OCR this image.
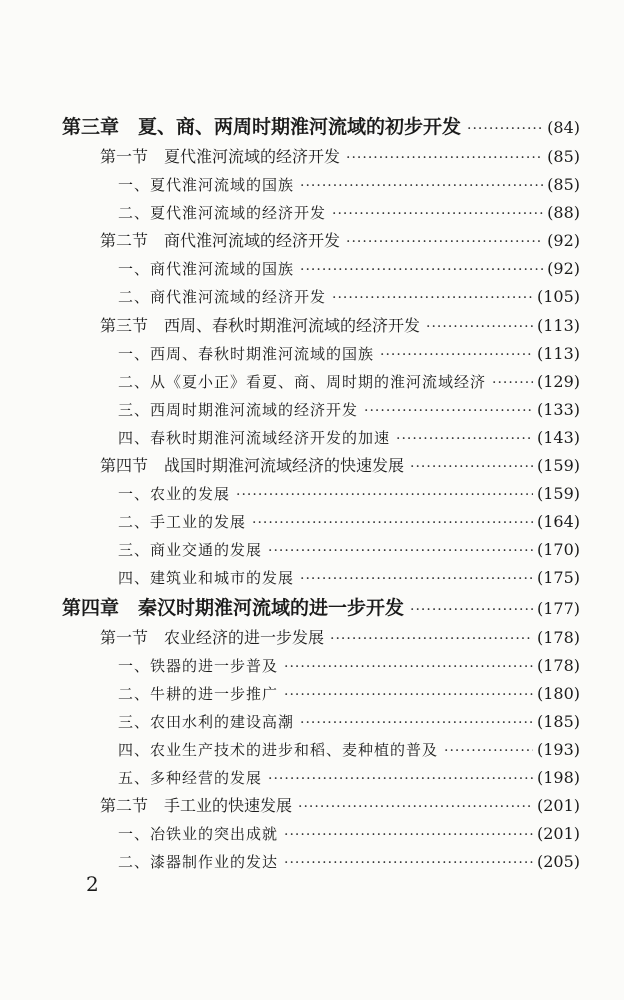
第三章　夏、商、两周时期淮河流域的初步开发 ·····	(84)
第一节　夏代淮河流域的经济开发 ·····	(85)
一、夏代淮河流域的国族 ·····	(85)
二、夏代淮河流域的经济开发 ·····	(88)
第二节　商代淮河流域的经济开发 ·····	(92)
一、商代淮河流域的国族 ·····	(92)
二、商代淮河流域的经济开发 ·····	(105)
第三节　西周、春秋时期淮河流域的经济开发 ·····	(113)
一、西周、春秋时期淮河流域的国族 ·····	(113)
二、从《夏小正》看夏、商、周时期的淮河流域经济 ·····	(129)
三、西周时期淮河流域的经济开发 ·····	(133)
四、春秋时期淮河流域经济开发的加速 ·····	(143)
第四节　战国时期淮河流域经济的快速发展 ·····	(159)
一、农业的发展 ·····	(159)
二、手工业的发展 ·····	(164)
三、商业交通的发展 ·····	(170)
四、建筑业和城市的发展 ·····	(175)
第四章　秦汉时期淮河流域的进一步开发 ·····	(177)
第一节　农业经济的进一步发展 ·····	(178)
一、铁器的进一步普及 ·····	(178)
二、牛耕的进一步推广 ·····	(180)
三、农田水利的建设高潮 ·····	(185)
四、农业生产技术的进步和稻、麦种植的普及 ·····	(193)
五、多种经营的发展 ·····	(198)
第二节　手工业的快速发展 ·····	(201)
一、冶铁业的突出成就 ·····	(201)
二、漆器制作业的发达 ·····	(205)
2
